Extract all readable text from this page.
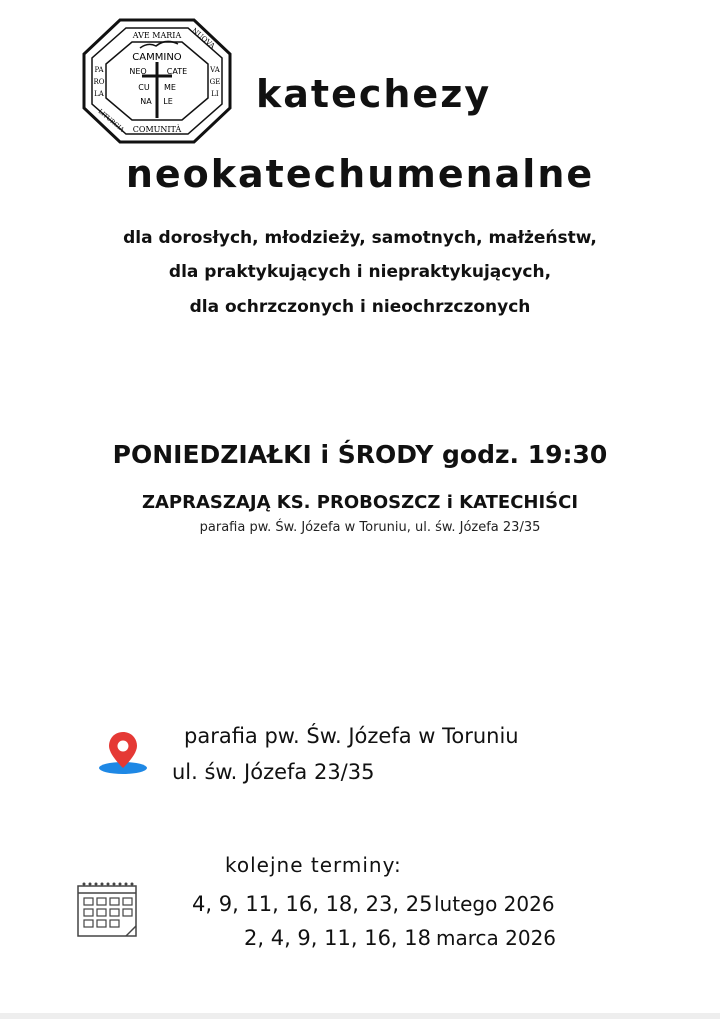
AVE MARIA NUOVA
PA
RO
LA
VA
GE
LI
LITURGIA COMUNITÀ
CAMMINO
NEO	CATE
CU ME
NA LE katechezy
neokatechumenalne
dla dorosłych, młodzieży, samotnych, małżeństw,
dla praktykujących i niepraktykujących,
dla ochrzczonych i nieochrzczonych
PONIEDZIAŁKI i ŚRODY godz. 19:30
ZAPRASZAJĄ KS. PROBOSZCZ i KATECHIŚCI
parafia pw. Św. Józefa w Toruniu, ul. św. Józefa 23/35
parafia pw. Św. Józefa w Toruniu
ul. św. Józefa 23/35
kolejne terminy:
4, 9, 11, 16, 18, 23, 25 lutego 2026
2, 4, 9, 11, 16, 18 marca 2026
